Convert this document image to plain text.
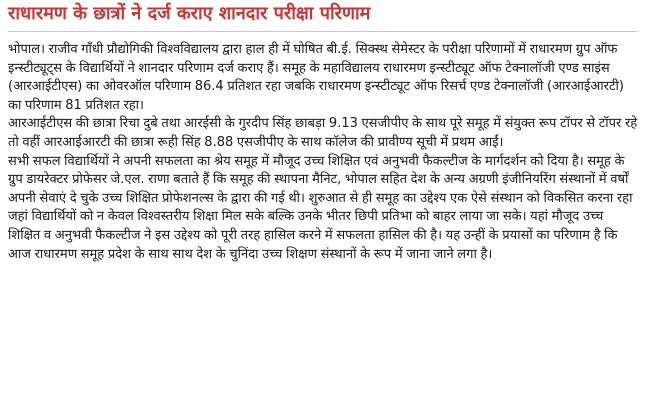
राधारमण के छात्रों ने दर्ज कराए शानदार परीक्षा परिणाम
भोपाल। राजीव गाँधी प्रौद्योगिकी विश्वविद्यालय द्वारा हाल ही में घोषित बी.ई. सिक्स्थ सेमेस्टर के परीक्षा परिणामों में राधारमण ग्रुप ऑफ इन्स्टीट्यूट्स के विद्यार्थियों ने शानदार परिणाम दर्ज कराए हैं। समूह के महाविद्यालय राधारमण इन्स्टीट्यूट ऑफ टेक्नालॉजी एण्ड साइंस (आरआईटीएस) का ओवरऑल परिणाम 86.4 प्रतिशत रहा जबकि राधारमण इन्स्टीट्यूट ऑफ रिसर्च एण्ड टेक्नालॉजी (आरआईआरटी) का परिणाम 81 प्रतिशत रहा।
आरआईटीएस की छात्रा रिचा दुबे तथा आरईसी के गुरदीप सिंह छाबड़ा 9.13 एसजीपीए के साथ पूरे समूह में संयुक्त रूप टॉपर से टॉपर रहे तो वहीं आरआईआरटी की छात्रा रूही सिंह 8.88 एसजीपीए के साथ कॉलेज की प्रावीण्य सूची में प्रथम आईं।
सभी सफल विद्यार्थियों ने अपनी सफलता का श्रेय समूह में मौजूद उच्च शिक्षित एवं अनुभवी फैकल्टीज के मार्गदर्शन को दिया है। समूह के ग्रुप डायरेक्टर प्रोफेसर जे.एल. राणा बताते हैं कि समूह की स्थापना मैनिट, भोपाल सहित देश के अन्य अग्रणी इंजीनियरिंग संस्थानों में वर्षों अपनी सेवाएं दे चुके उच्च शिक्षित प्रोफेशनल्स के द्वारा की गई थी। शुरुआत से ही समूह का उद्देश्य एक ऐसे संस्थान को विकसित करना रहा जहां विद्यार्थियों को न केवल विश्वस्तरीय शिक्षा मिल सके बल्कि उनके भीतर छिपी प्रतिभा को बाहर लाया जा सके। यहां मौजूद उच्च शिक्षित व अनुभवी फैकल्टीज ने इस उद्देश्य को पूरी तरह हासिल करने में सफलता हासिल की है। यह उन्हीं के प्रयासों का परिणाम है कि आज राधारमण समूह प्रदेश के साथ साथ देश के चुनिंदा उच्च शिक्षण संस्थानों के रूप में जाना जाने लगा है।
